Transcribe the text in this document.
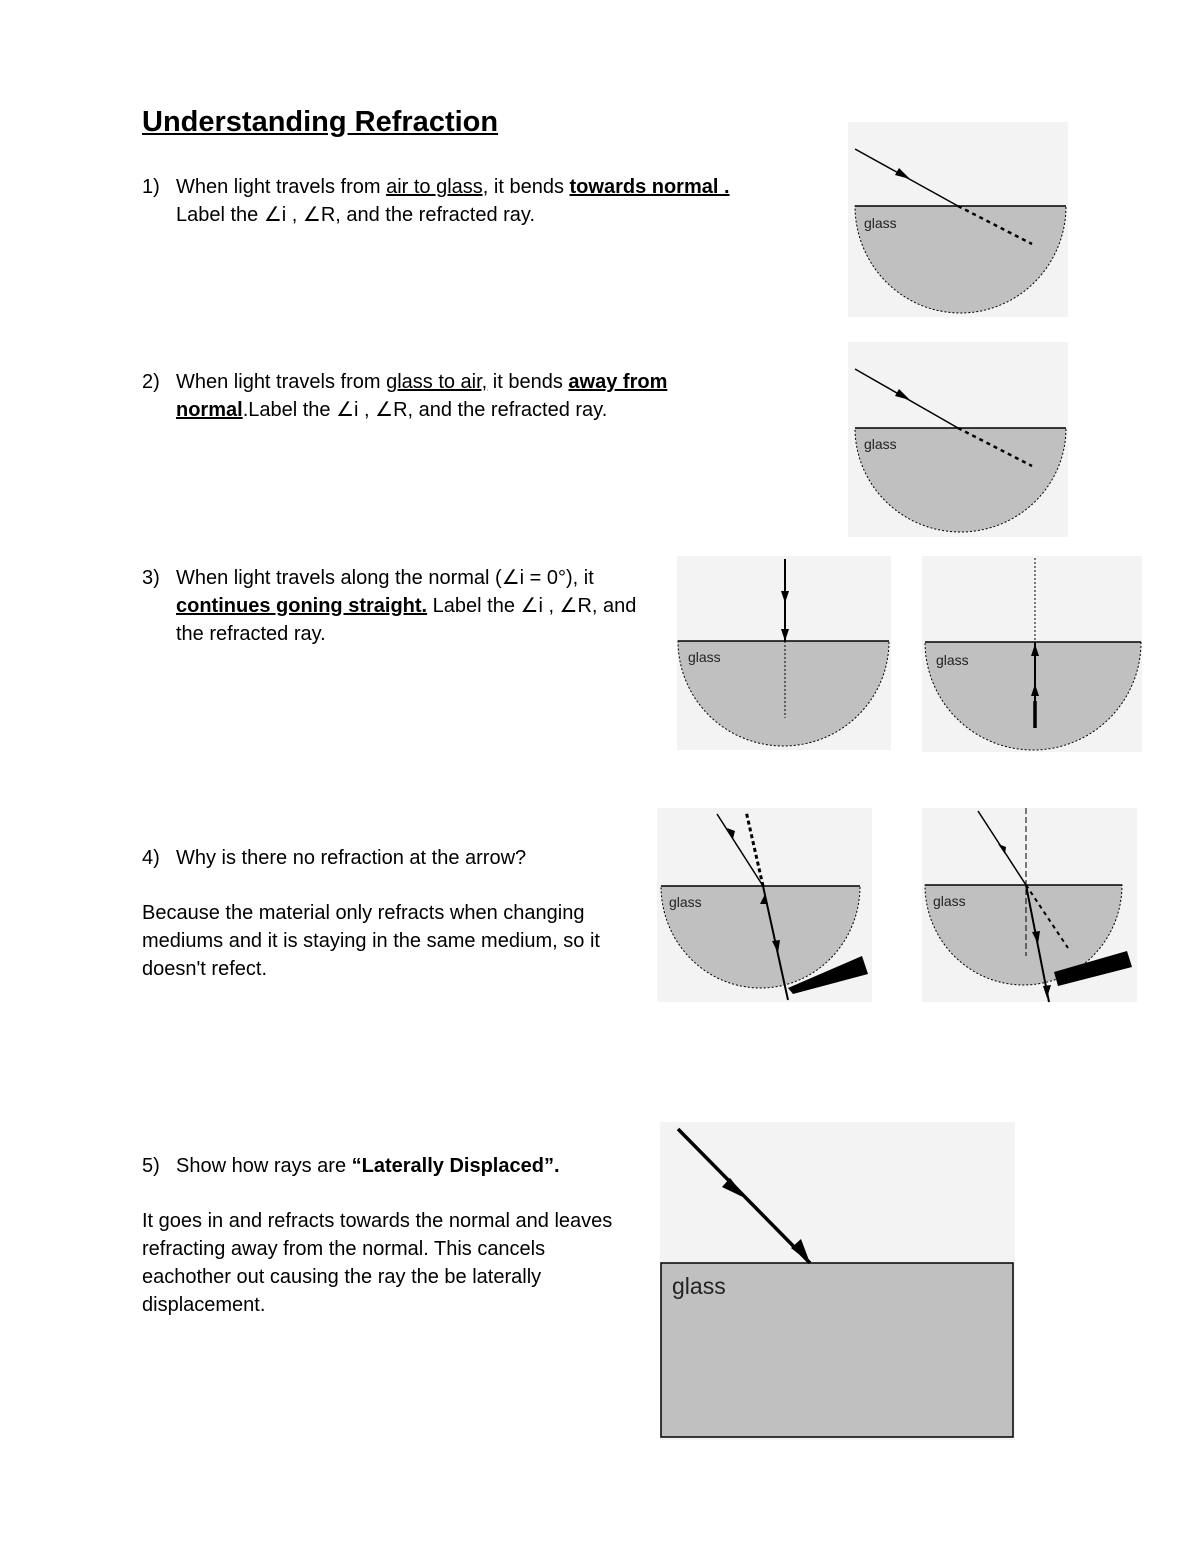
Understanding Refraction
1) When light travels from air to glass, it bends towards normal .
Label the ∠i , ∠R, and the refracted ray.
2) When light travels from glass to air, it bends away from normal.Label the ∠i , ∠R, and the refracted ray.
3) When light travels along the normal (∠i = 0°), it continues goning straight. Label the ∠i , ∠R, and the refracted ray.
4) Why is there no refraction at the arrow?
Because the material only refracts when changing mediums and it is staying in the same medium, so it doesn't refect.
5) Show how rays are “Laterally Displaced”.
It goes in and refracts towards the normal and leaves refracting away from the normal. This cancels eachother out causing the ray the be laterally displacement.
glass
glass
glass	glass
glass	glass
glass
